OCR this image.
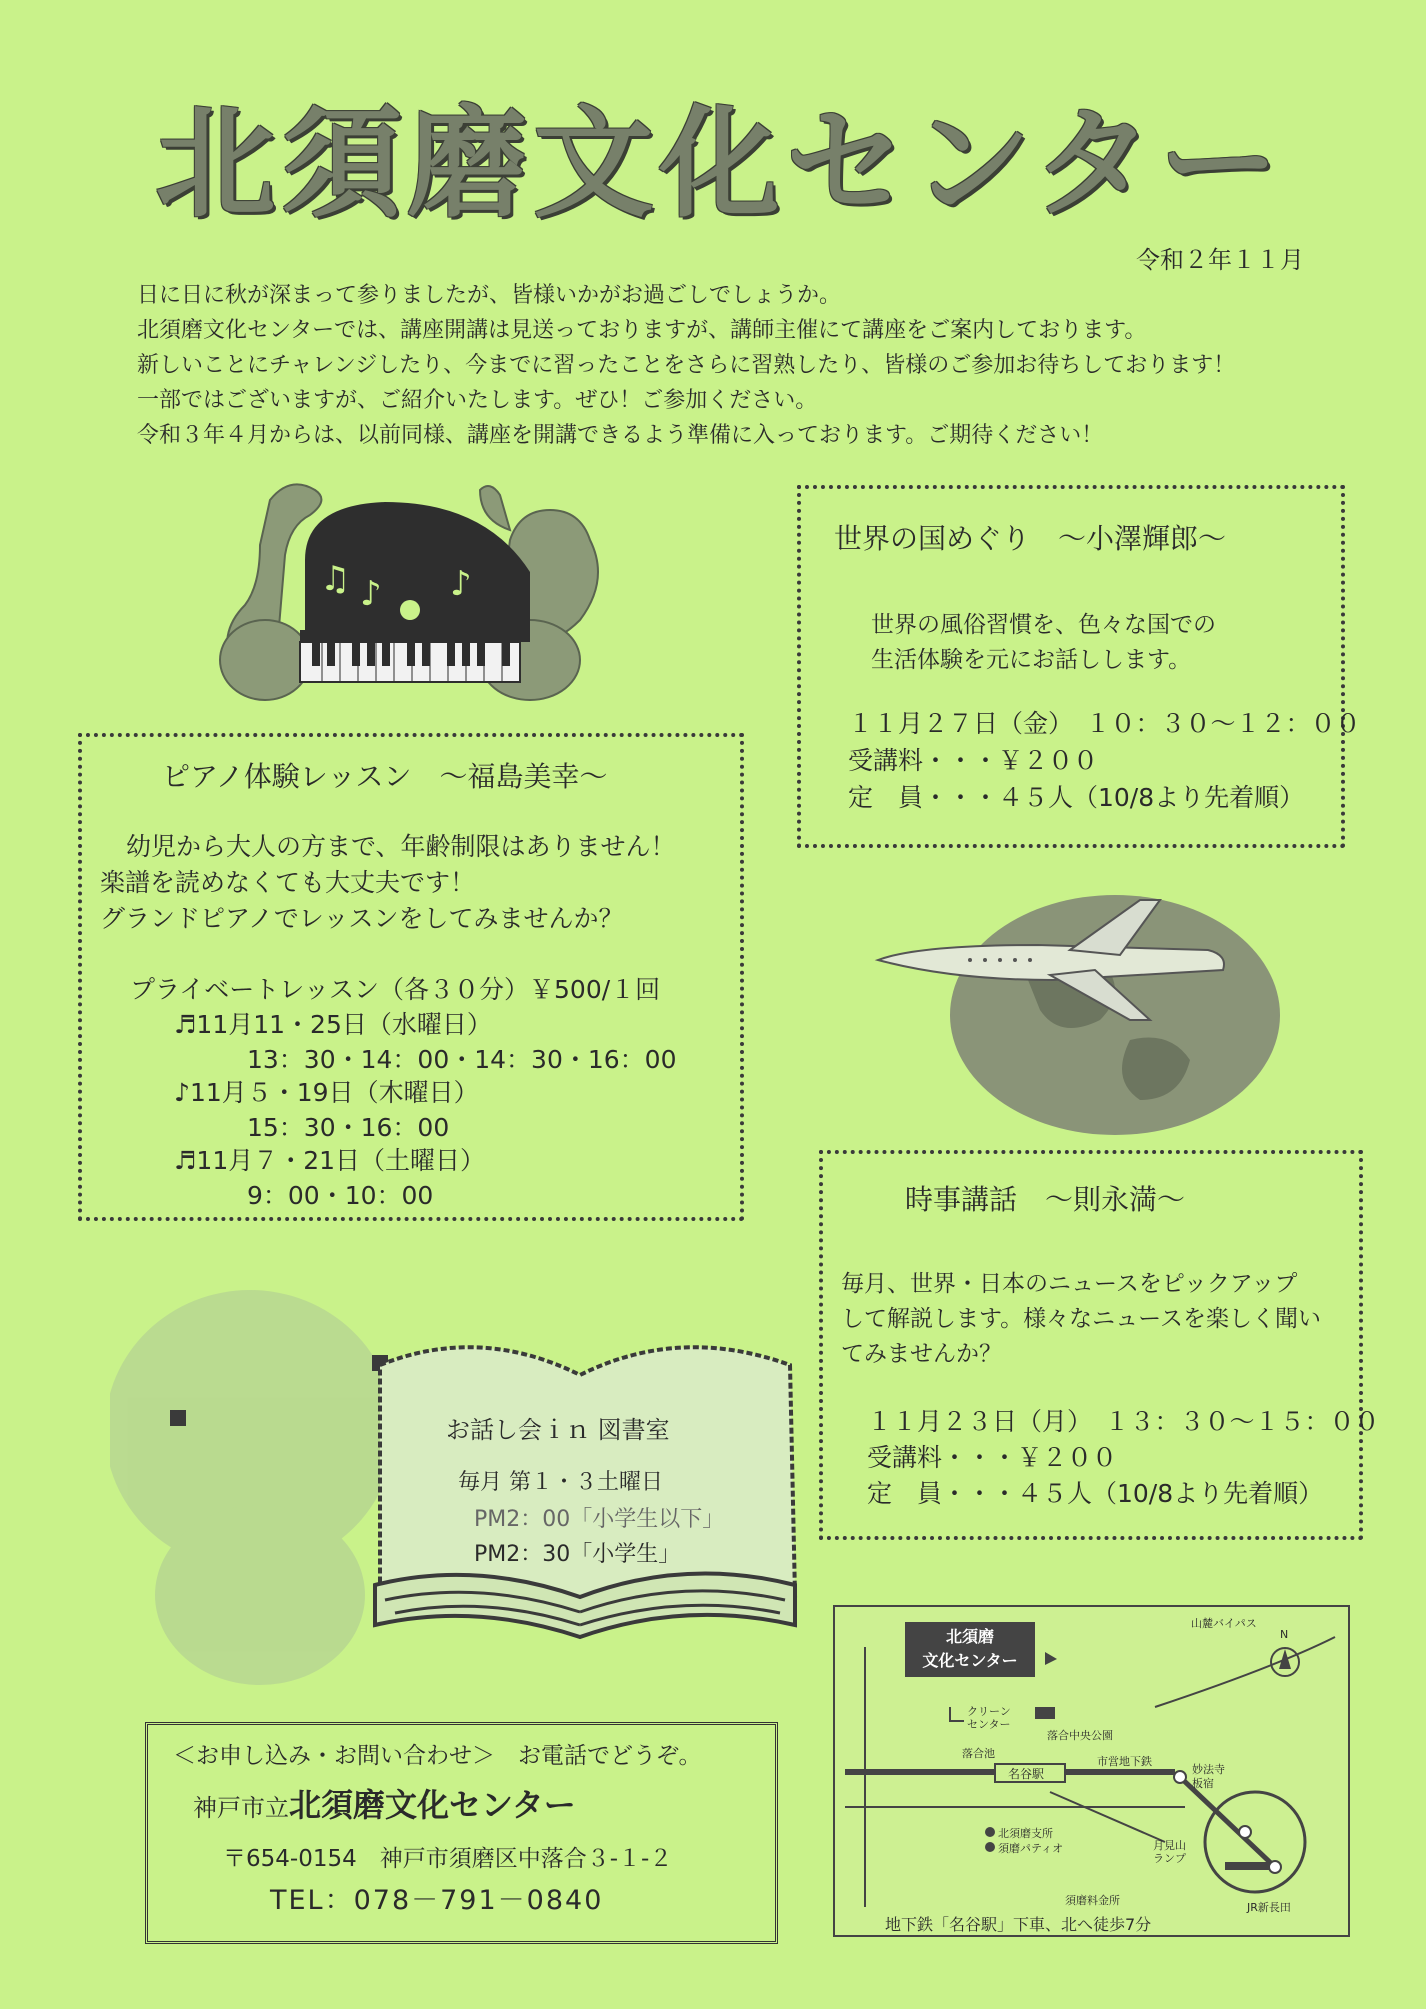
北須磨文化センター
令和２年１１月

日に日に秋が深まって参りましたが、皆様いかがお過ごしでしょうか。

北須磨文化センターでは、講座開講は見送っておりますが、講師主催にて講座をご案内しております。

新しいことにチャレンジしたり、今までに習ったことをさらに習熟したり、皆様のご参加お待ちしております！

一部ではございますが、ご紹介いたします。ぜひ！ご参加ください。

令和３年４月からは、以前同様、講座を開講できるよう準備に入っております。ご期待ください！

♫ ♪ ♪
世界の国めぐり　～小澤輝郎～

世界の風俗習慣を、色々な国での

生活体験を元にお話しします。

１１月２７日（金）　１０：３０～１２：００

受講料・・・￥２００

定　員・・・４５人（10/8より先着順）

ピアノ体験レッスン　～福島美幸～

幼児から大人の方まで、年齢制限はありません！

楽譜を読めなくても大丈夫です！

グランドピアノでレッスンをしてみませんか？

プライベートレッスン（各３０分）￥500/１回

♬11月11・25日（水曜日）

13：30・14：00・14：30・16：00

♪11月５・19日（木曜日）

15：30・16：00

♬11月７・21日（土曜日）

9：00・10：00	時事講話　～則永満～

毎月、世界・日本のニュースをピックアップ

して解説します。様々なニュースを楽しく聞い

てみませんか？

１１月２３日（月）　１３：３０～１５：００

受講料・・・￥２００

定　員・・・４５人（10/8より先着順）

お話し会ｉｎ 図書室

毎月 第１・３土曜日

PM2：00「小学生以下」

PM2：30「小学生」

＜お申し込み・お問い合わせ＞　お電話でどうぞ。

神戸市立北須磨文化センター

〒654-0154　神戸市須磨区中落合３-１-２

TEL：078－791－0840

北須磨
文化センター
山麓バイパス
N
クリーン
センター
落合中央公園
落合池
名谷駅
市営地下鉄
妙法寺
板宿
北須磨支所
須磨パティオ	月見山
ランプ
須磨料金所
JR新長田
地下鉄「名谷駅」下車、北へ徒歩7分
